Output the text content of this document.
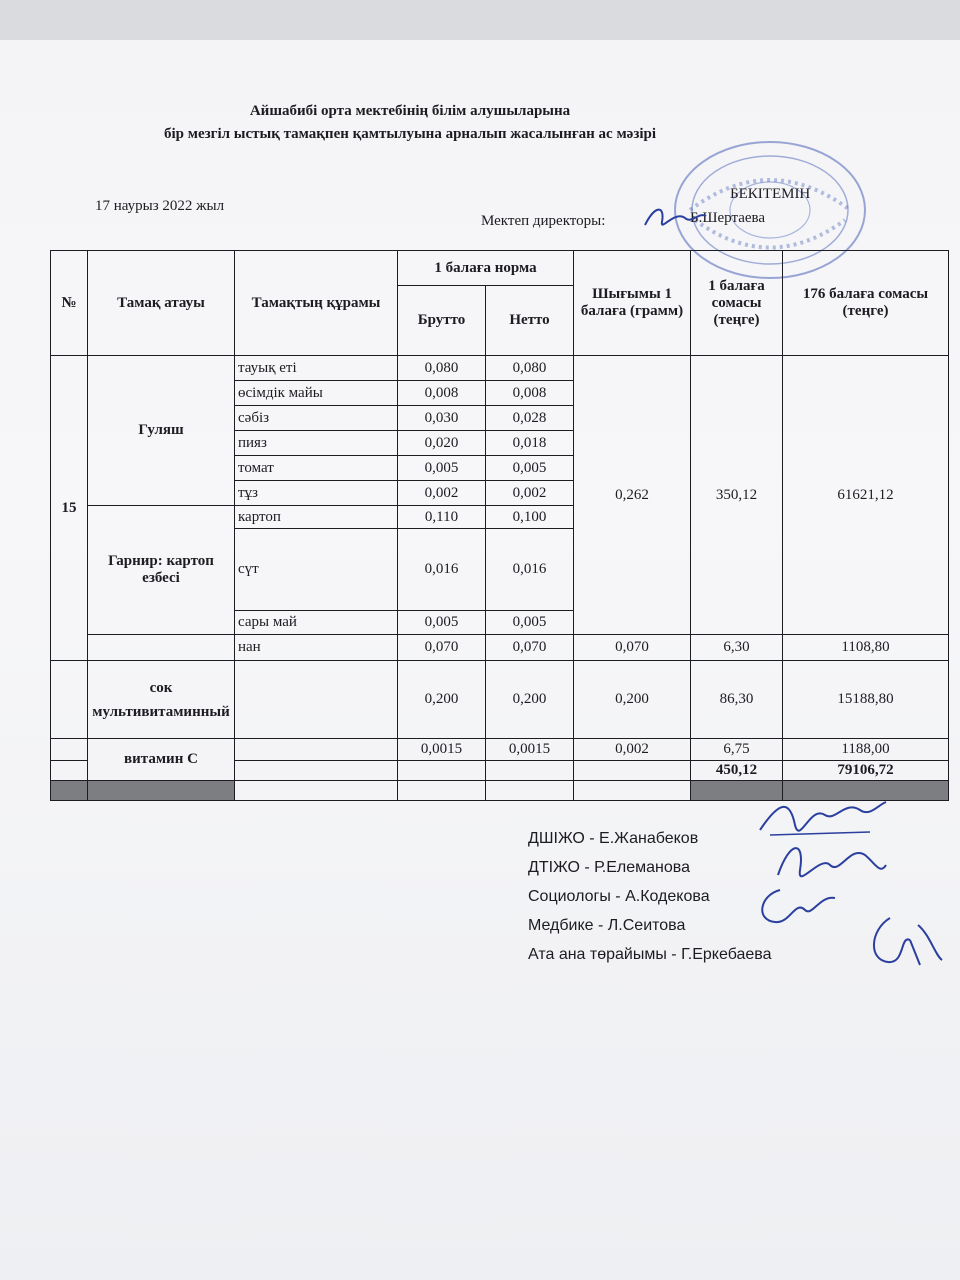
Айшабибі орта мектебінің білім алушыларына
бір мезгіл ыстық тамақпен қамтылуына арналып жасалынған ас мәзірі
17 наурыз 2022 жыл
БЕКІТЕМІН
Мектеп директоры:	Б.Шертаева
№	Тамақ атауы	Тамақтың құрамы	1 балаға норма		Шығымы 1 балаға (грамм)	1 балаға сомасы (теңге)	176 балаға сомасы (теңге)
			Брутто	Нетто			
15	Гуляш	тауық еті	0,080	0,080	0,262	350,12	61621,12
		өсімдік майы	0,008	0,008			
		сәбіз	0,030	0,028			
		пияз	0,020	0,018			
		томат	0,005	0,005			
		тұз	0,002	0,002			
	Гарнир: картоп езбесі	картоп	0,110	0,100			
		сүт	0,016	0,016			
		сары май	0,005	0,005			
		нан	0,070	0,070	0,070	6,30	1108,80
	сок мультивитаминный		0,200	0,200	0,200	86,30	15188,80
	витамин С		0,0015	0,0015	0,002	6,75	1188,00
						450,12	79106,72

ДШІЖО - Е.Жанабеков
ДТІЖО - Р.Елеманова
Социологы - А.Кодекова
Медбике - Л.Сеитова
Ата ана төрайымы - Г.Еркебаева
